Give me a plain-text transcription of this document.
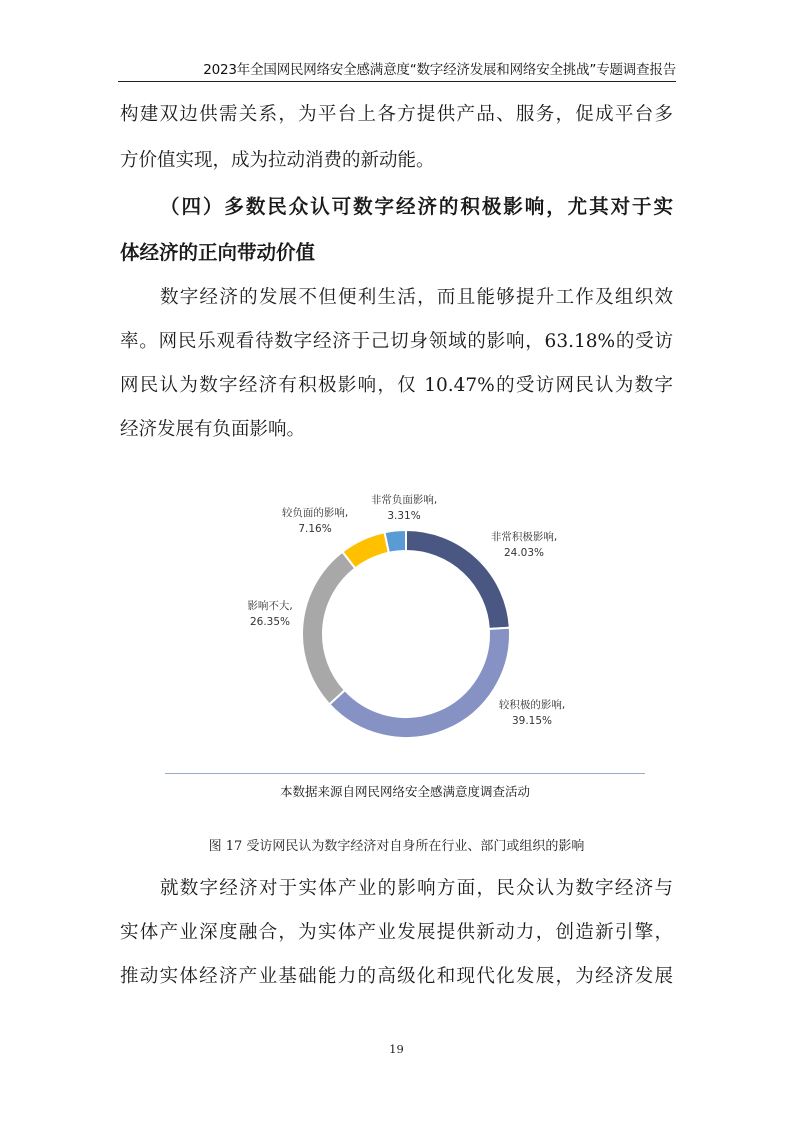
2023年全国网民网络安全感满意度“数字经济发展和网络安全挑战”专题调查报告
构建双边供需关系，为平台上各方提供产品、服务，促成平台多
方价值实现，成为拉动消费的新动能。
（四）多数民众认可数字经济的积极影响，尤其对于实
体经济的正向带动价值
数字经济的发展不但便利生活，而且能够提升工作及组织效
率。网民乐观看待数字经济于己切身领域的影响，63.18%的受访
网民认为数字经济有积极影响，仅 10.47%的受访网民认为数字
经济发展有负面影响。
非常积极影响, 24.03%
较积极的影响, 39.15%
影响不大, 26.35%
较负面的影响, 7.16%
非常负面影响, 3.31%
本数据来源自网民网络安全感满意度调查活动
图 17 受访网民认为数字经济对自身所在行业、部门或组织的影响
就数字经济对于实体产业的影响方面，民众认为数字经济与
实体产业深度融合，为实体产业发展提供新动力，创造新引擎，
推动实体经济产业基础能力的高级化和现代化发展，为经济发展
19
